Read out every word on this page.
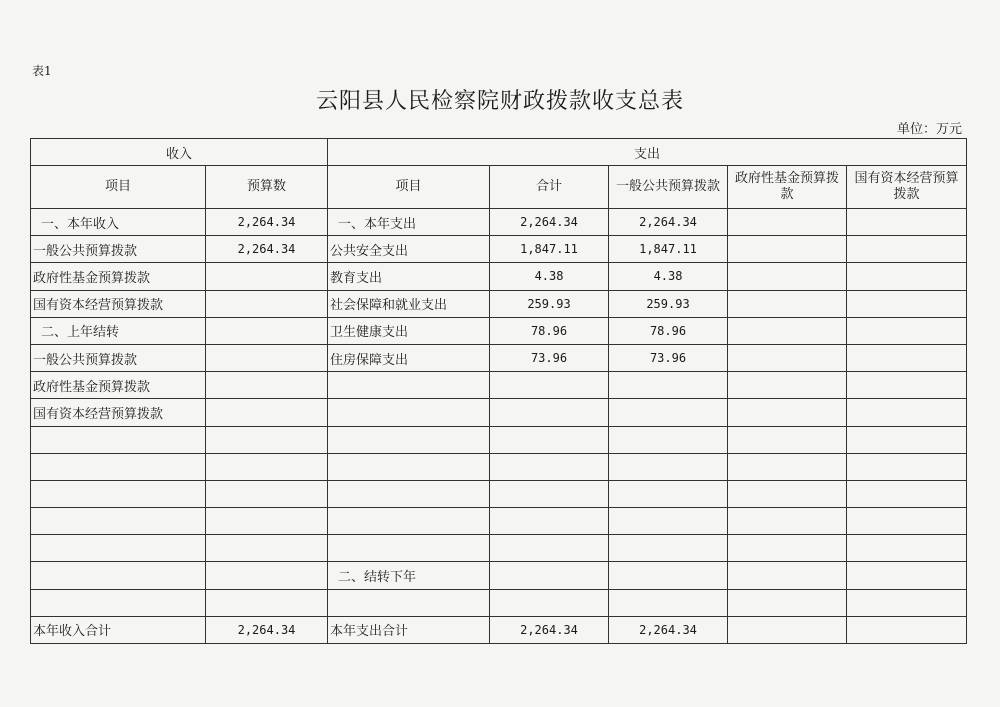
表1
云阳县人民检察院财政拨款收支总表
单位：万元
收入		支出				
项目	预算数	项目	合计	一般公共预算拨款	政府性基金预算拨款	国有资本经营预算拨款
一、本年收入	2,264.34	一、本年支出	2,264.34	2,264.34		
一般公共预算拨款	2,264.34	公共安全支出	1,847.11	1,847.11		
政府性基金预算拨款		教育支出	4.38	4.38		
国有资本经营预算拨款		社会保障和就业支出	259.93	259.93		
二、上年结转		卫生健康支出	78.96	78.96		
一般公共预算拨款		住房保障支出	73.96	73.96		
政府性基金预算拨款						
国有资本经营预算拨款						

		二、结转下年				

本年收入合计	2,264.34	本年支出合计	2,264.34	2,264.34		
